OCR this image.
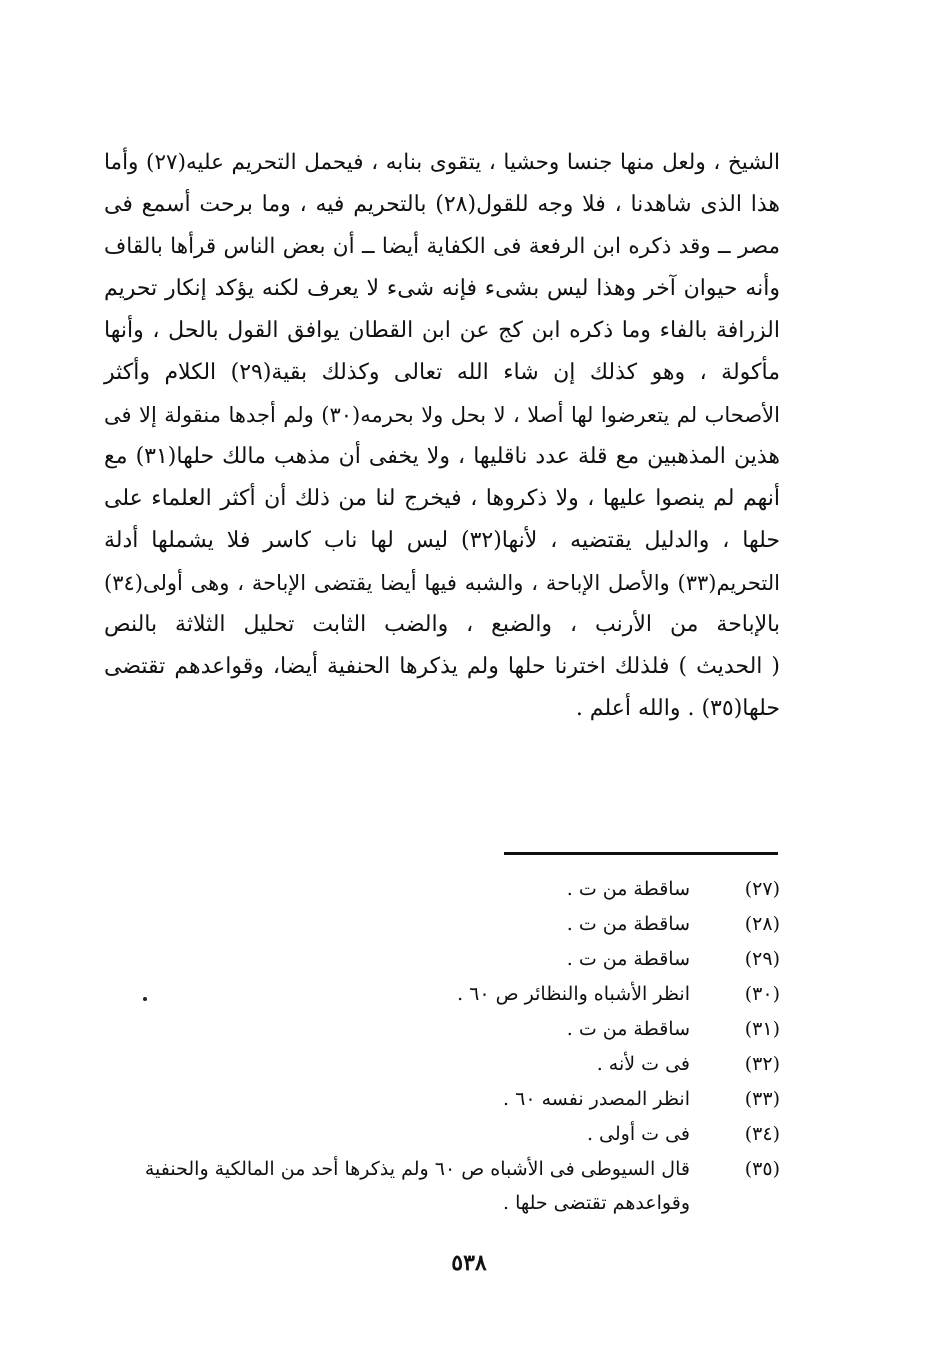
الشيخ ، ولعل منها جنسا وحشيا ، يتقوى بنابه ، فيحمل التحريم عليه(٢٧) وأما
هذا الذى شاهدنا ، فلا وجه للقول(٢٨) بالتحريم فيه ، وما برحت أسمع فى
مصر ــ وقد ذكره ابن الرفعة فى الكفاية أيضا ــ أن بعض الناس قرأها بالقاف
وأنه حيوان آخر وهذا ليس بشىء فإنه شىء لا يعرف لكنه يؤكد إنكار تحريم
الزرافة بالفاء وما ذكره ابن كج عن ابن القطان يوافق القول بالحل ، وأنها
مأكولة ، وهو كذلك إن شاء الله تعالى وكذلك بقية(٢٩) الكلام وأكثر
الأصحاب لم يتعرضوا لها أصلا ، لا بحل ولا بحرمه(٣٠) ولم أجدها منقولة إلا فى
هذين المذهبين مع قلة عدد ناقليها ، ولا يخفى أن مذهب مالك حلها(٣١) مع
أنهم لم ينصوا عليها ، ولا ذكروها ، فيخرج لنا من ذلك أن أكثر العلماء على
حلها ، والدليل يقتضيه ، لأنها(٣٢) ليس لها ناب كاسر فلا يشملها أدلة
التحريم(٣٣) والأصل الإباحة ، والشبه فيها أيضا يقتضى الإباحة ، وهى أولى(٣٤)
بالإباحة من الأرنب ، والضبع ، والضب الثابت تحليل الثلاثة بالنص
( الحديث ) فلذلك اخترنا حلها ولم يذكرها الحنفية أيضا، وقواعدهم تقتضى
حلها(٣٥) . والله أعلم .
(٢٧)
ساقطة من ت .
(٢٨)
ساقطة من ت .
(٢٩)
ساقطة من ت .
(٣٠)
انظر الأشباه والنظائر ص ٦٠ .
(٣١)
ساقطة من ت .
(٣٢)
فى ت لأنه .
(٣٣)
انظر المصدر نفسه ٦٠ .
(٣٤)
فى ت أولى .
(٣٥)
قال السيوطى فى الأشباه ص ٦٠ ولم يذكرها أحد من المالكية والحنفية وقواعدهم تقتضى حلها .
٥٣٨
